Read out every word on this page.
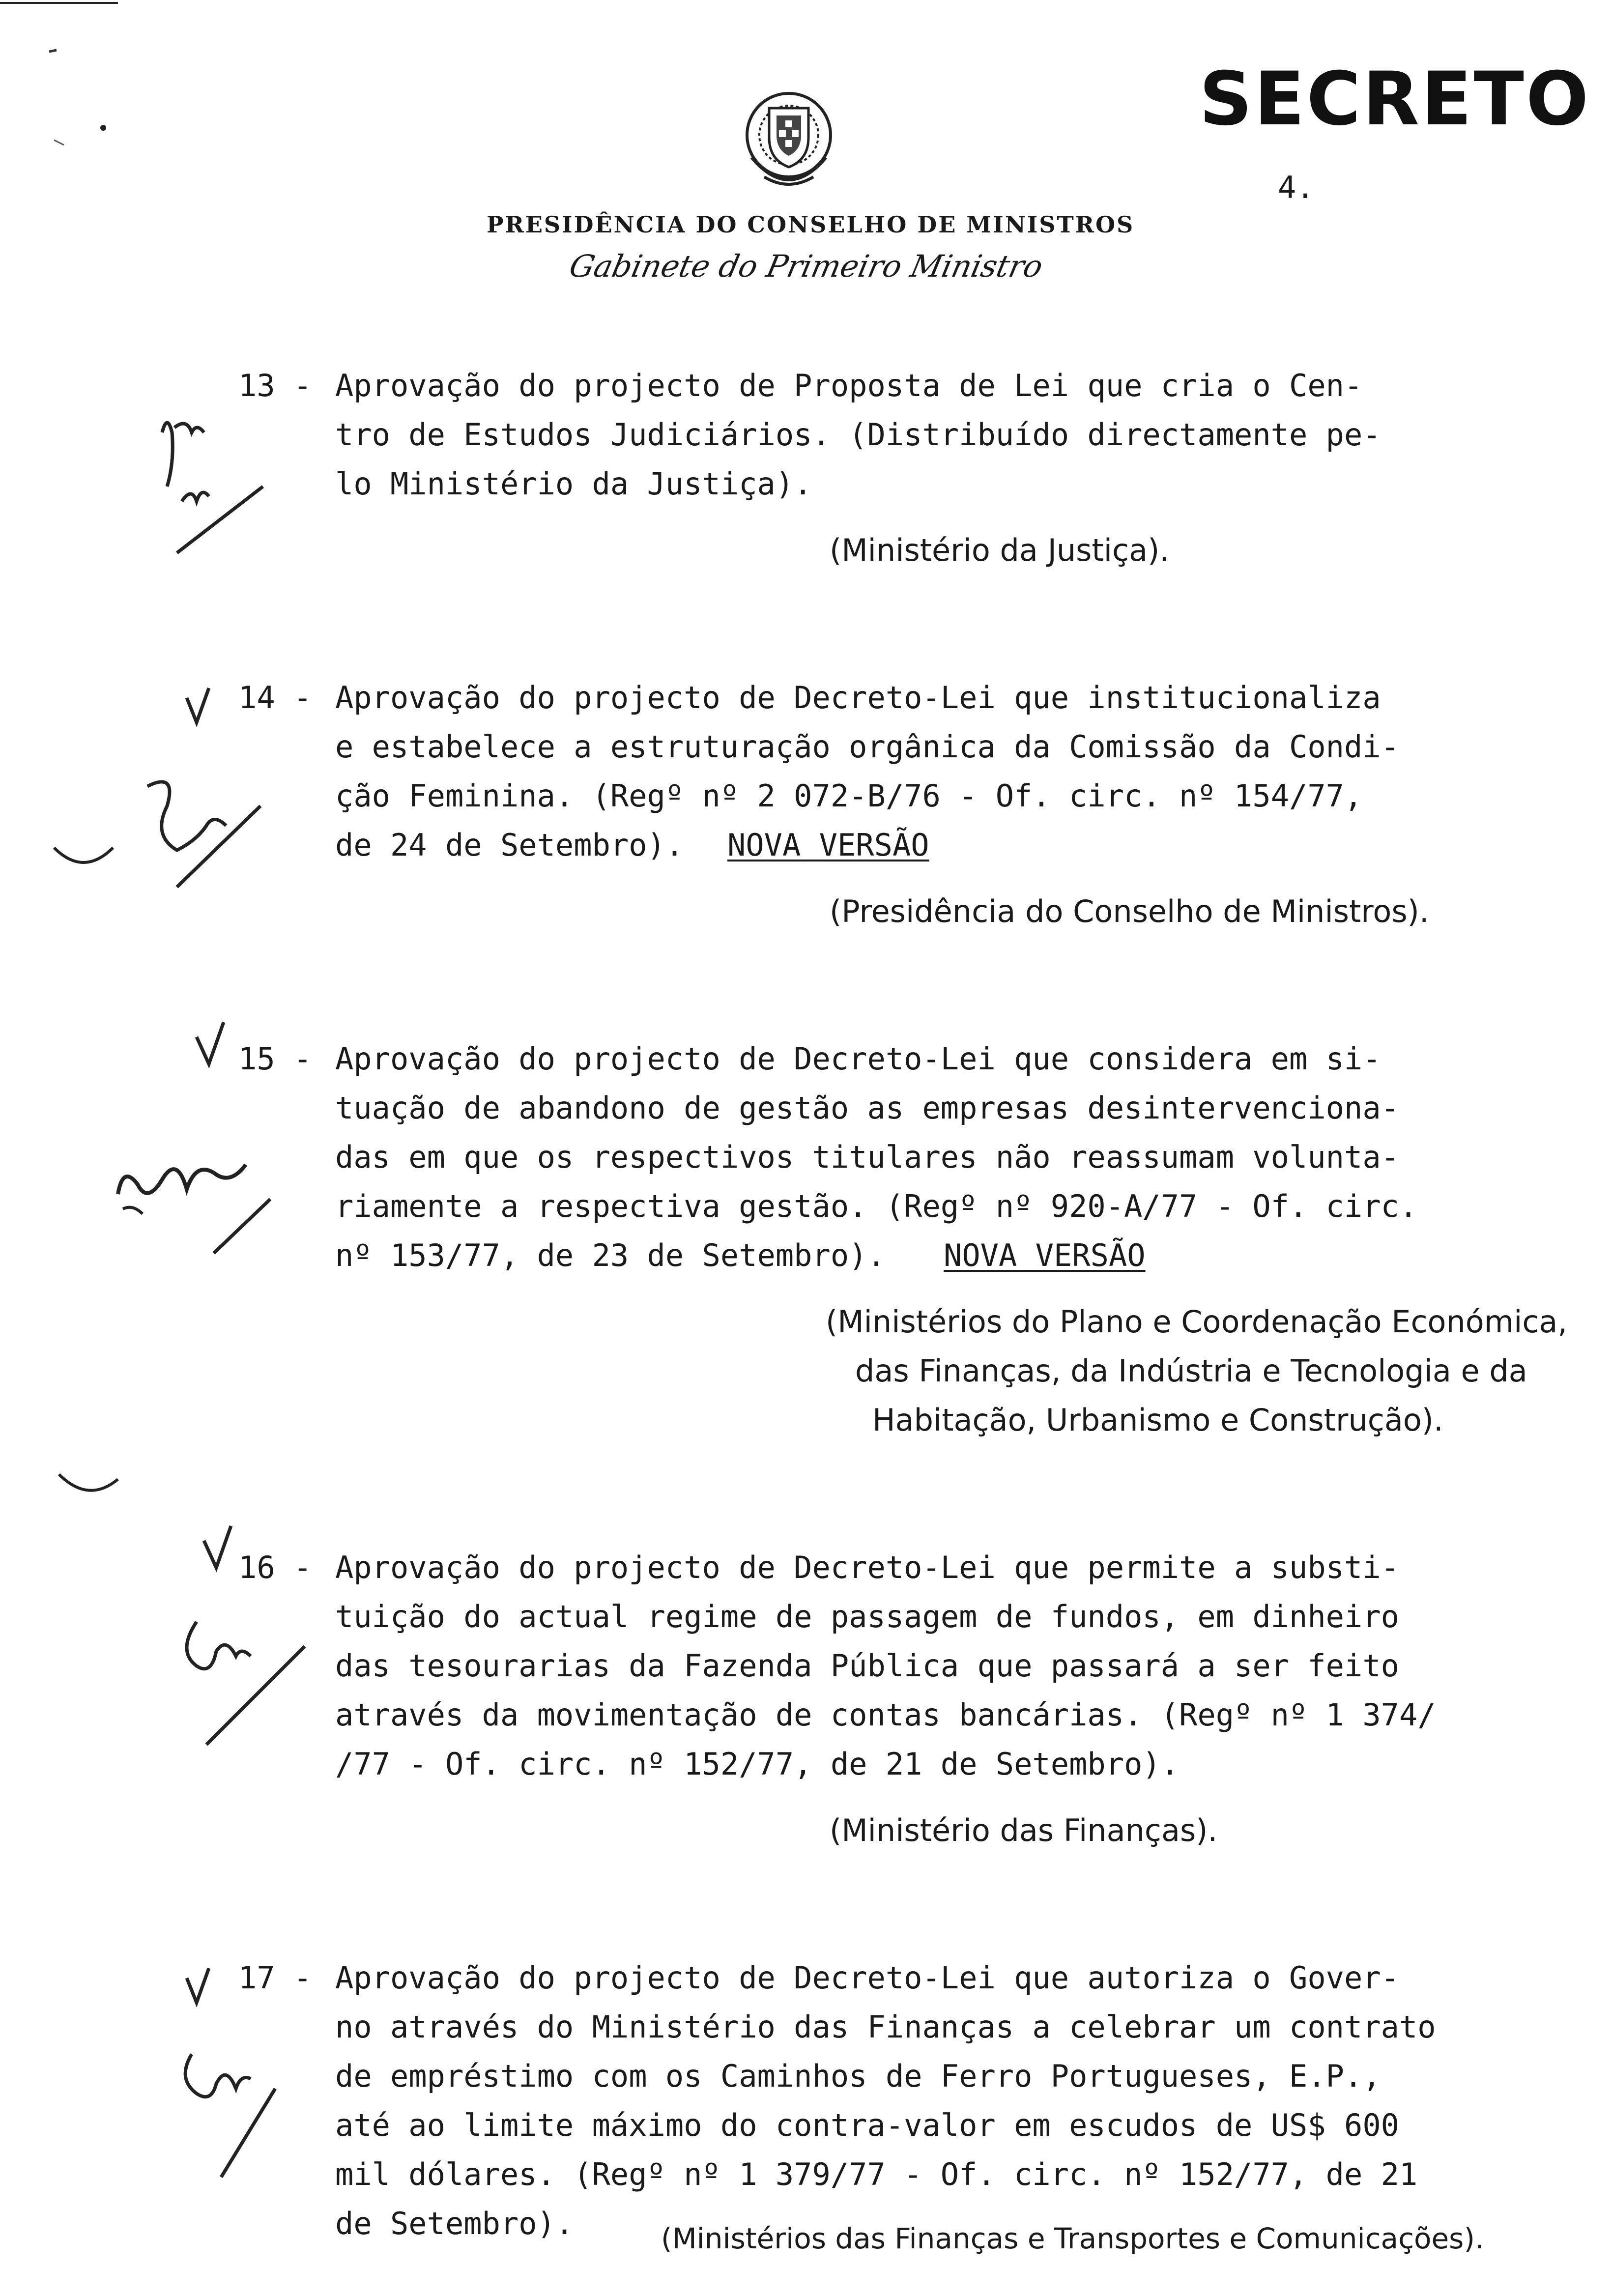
SECRETO
4.
PRESIDÊNCIA DO CONSELHO DE MINISTROS
Gabinete do Primeiro Ministro
13 - Aprovação do projecto de Proposta de Lei que cria o Cen-
tro de Estudos Judiciários. (Distribuído directamente pe-
lo Ministério da Justiça).
(Ministério da Justiça).
14 - Aprovação do projecto de Decreto-Lei que institucionaliza
e estabelece a estruturação orgânica da Comissão da Condi-
ção Feminina. (Regº nº 2 072-B/76 - Of. circ. nº 154/77,
de 24 de Setembro). NOVA VERSÃO
(Presidência do Conselho de Ministros).
15 - Aprovação do projecto de Decreto-Lei que considera em si-
tuação de abandono de gestão as empresas desintervenciona-
das em que os respectivos titulares não reassumam volunta-
riamente a respectiva gestão. (Regº nº 920-A/77 - Of. circ.
nº 153/77, de 23 de Setembro). NOVA VERSÃO
(Ministérios do Plano e Coordenação Económica,
das Finanças, da Indústria e Tecnologia e da
Habitação, Urbanismo e Construção).
16 - Aprovação do projecto de Decreto-Lei que permite a substi-
tuição do actual regime de passagem de fundos, em dinheiro
das tesourarias da Fazenda Pública que passará a ser feito
através da movimentação de contas bancárias. (Regº nº 1 374/
/77 - Of. circ. nº 152/77, de 21 de Setembro).
(Ministério das Finanças).
17 - Aprovação do projecto de Decreto-Lei que autoriza o Gover-
no através do Ministério das Finanças a celebrar um contrato
de empréstimo com os Caminhos de Ferro Portugueses, E.P.,
até ao limite máximo do contra-valor em escudos de US$ 600
mil dólares. (Regº nº 1 379/77 - Of. circ. nº 152/77, de 21
de Setembro).	(Ministérios das Finanças e Transportes e Comunicações).
